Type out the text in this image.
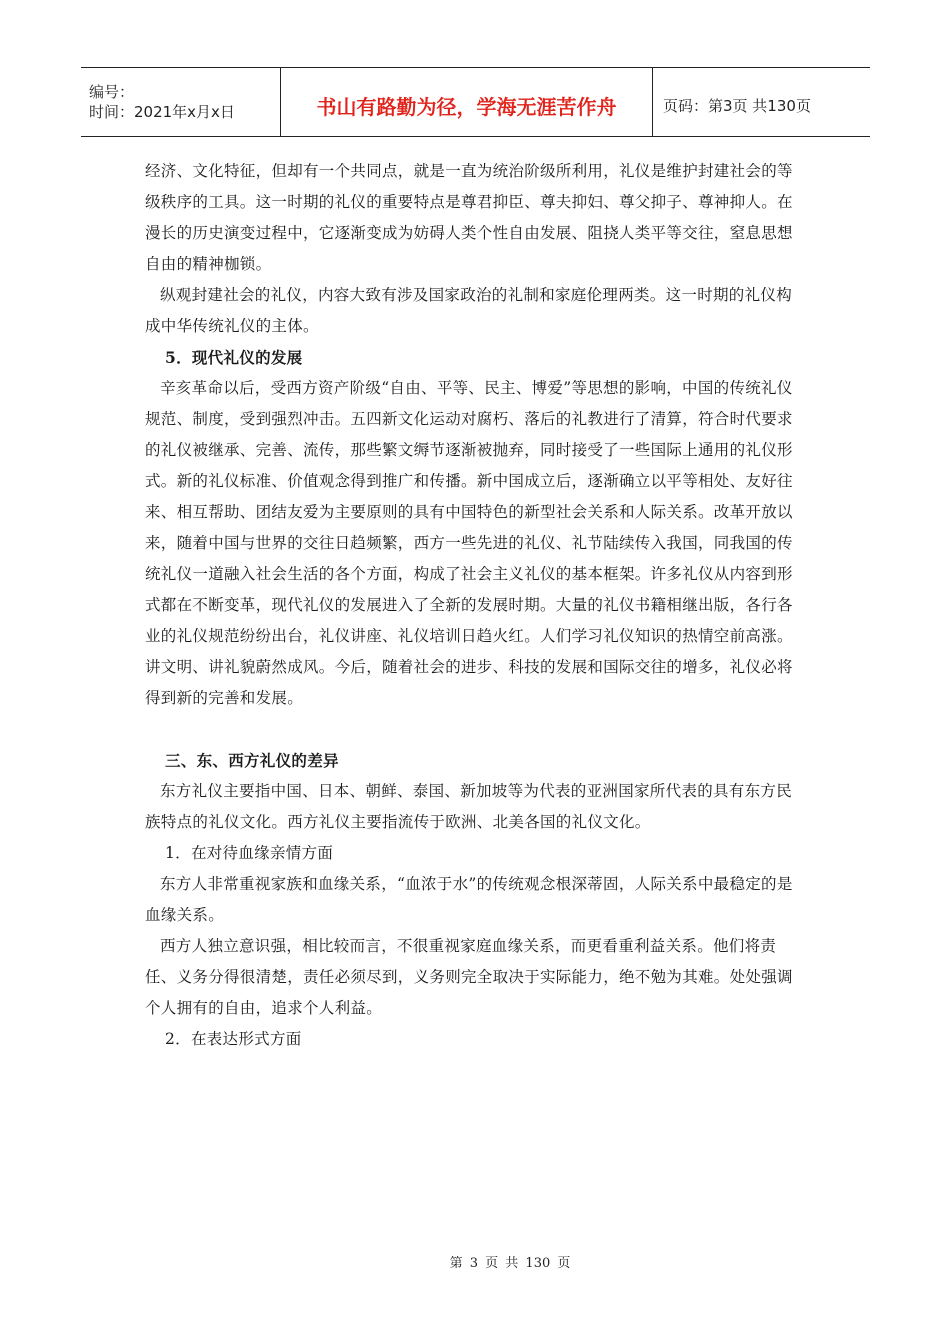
编号：
时间：2021年x月x日	书山有路勤为径，学海无涯苦作舟	页码：第3页 共130页

经济、文化特征，但却有一个共同点，就是一直为统治阶级所利用，礼仪是维护封建社会的等级秩序的工具。这一时期的礼仪的重要特点是尊君抑臣、尊夫抑妇、尊父抑子、尊神抑人。在漫长的历史演变过程中，它逐渐变成为妨碍人类个性自由发展、阻挠人类平等交往，窒息思想自由的精神枷锁。

纵观封建社会的礼仪，内容大致有涉及国家政治的礼制和家庭伦理两类。这一时期的礼仪构成中华传统礼仪的主体。

5．现代礼仪的发展

辛亥革命以后，受西方资产阶级“自由、平等、民主、博爱”等思想的影响，中国的传统礼仪规范、制度，受到强烈冲击。五四新文化运动对腐朽、落后的礼教进行了清算，符合时代要求的礼仪被继承、完善、流传，那些繁文缛节逐渐被抛弃，同时接受了一些国际上通用的礼仪形式。新的礼仪标准、价值观念得到推广和传播。新中国成立后，逐渐确立以平等相处、友好往来、相互帮助、团结友爱为主要原则的具有中国特色的新型社会关系和人际关系。改革开放以来，随着中国与世界的交往日趋频繁，西方一些先进的礼仪、礼节陆续传入我国，同我国的传统礼仪一道融入社会生活的各个方面，构成了社会主义礼仪的基本框架。许多礼仪从内容到形式都在不断变革，现代礼仪的发展进入了全新的发展时期。大量的礼仪书籍相继出版，各行各业的礼仪规范纷纷出台，礼仪讲座、礼仪培训日趋火红。人们学习礼仪知识的热情空前高涨。讲文明、讲礼貌蔚然成风。今后，随着社会的进步、科技的发展和国际交往的增多，礼仪必将得到新的完善和发展。

三、东、西方礼仪的差异

东方礼仪主要指中国、日本、朝鲜、泰国、新加坡等为代表的亚洲国家所代表的具有东方民族特点的礼仪文化。西方礼仪主要指流传于欧洲、北美各国的礼仪文化。

1．在对待血缘亲情方面

东方人非常重视家族和血缘关系，“血浓于水”的传统观念根深蒂固，人际关系中最稳定的是血缘关系。

西方人独立意识强，相比较而言，不很重视家庭血缘关系，而更看重利益关系。他们将责任、义务分得很清楚，责任必须尽到，义务则完全取决于实际能力，绝不勉为其难。处处强调个人拥有的自由，追求个人利益。

2．在表达形式方面

第 3 页 共 130 页
